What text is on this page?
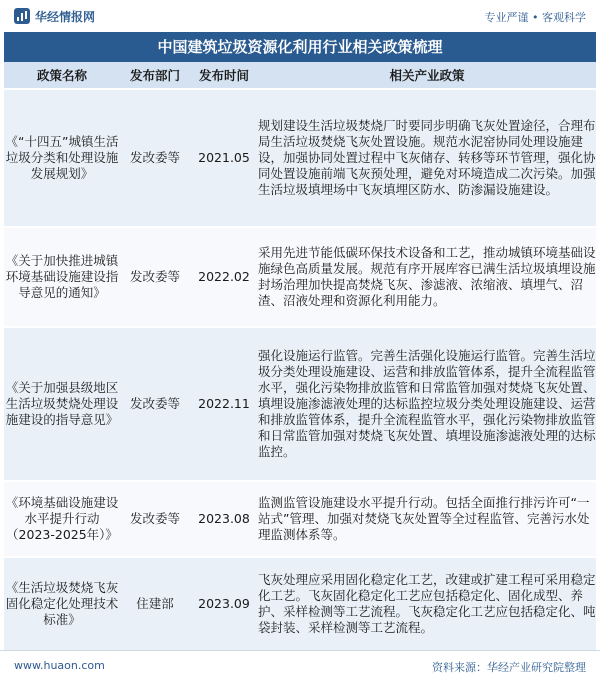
华经情报网	专业严谨 • 客观科学
中国建筑垃圾资源化利用行业相关政策梳理
政策名称	发布部门	发布时间	相关产业政策
《“十四五”城镇生活垃圾分类和处理设施发展规划》	发改委等	2021.05	规划建设生活垃圾焚烧厂时要同步明确飞灰处置途径，合理布局生活垃圾焚烧飞灰处置设施。规范水泥窑协同处理设施建设，加强协同处置过程中飞灰储存、转移等环节管理，强化协同处置设施前端飞灰预处理，避免对环境造成二次污染。加强生活垃圾填埋场中飞灰填埋区防水、防渗漏设施建设。
《关于加快推进城镇环境基础设施建设指导意见的通知》	发改委等	2022.02	采用先进节能低碳环保技术设备和工艺，推动城镇环境基础设施绿色高质量发展。规范有序开展库容已满生活垃圾填埋设施封场治理加快提高焚烧飞灰、渗滤液、浓缩液、填埋气、沼渣、沼液处理和资源化利用能力。
《关于加强县级地区生活垃圾焚烧处理设施建设的指导意见》	发改委等	2022.11	强化设施运行监管。完善生活强化设施运行监管。完善生活垃圾分类处理设施建设、运营和排放监管体系，提升全流程监管水平，强化污染物排放监管和日常监管加强对焚烧飞灰处置、填埋设施渗滤液处理的达标监控垃圾分类处理设施建设、运营和排放监管体系，提升全流程监管水平，强化污染物排放监管和日常监管加强对焚烧飞灰处置、填埋设施渗滤液处理的达标监控。
《环境基础设施建设水平提升行动（2023-2025年）》	发改委等	2023.08	监测监管设施建设水平提升行动。包括全面推行排污许可“一站式”管理、加强对焚烧飞灰处置等全过程监管、完善污水处理监测体系等。
《生活垃圾焚烧飞灰固化稳定化处理技术标准》	住建部	2023.09	飞灰处理应采用固化稳定化工艺，改建或扩建工程可采用稳定化工艺。飞灰固化稳定化工艺应包括稳定化、固化成型、养护、采样检测等工艺流程。飞灰稳定化工艺应包括稳定化、吨袋封装、采样检测等工艺流程。
www.huaon.com	资料来源：华经产业研究院整理
